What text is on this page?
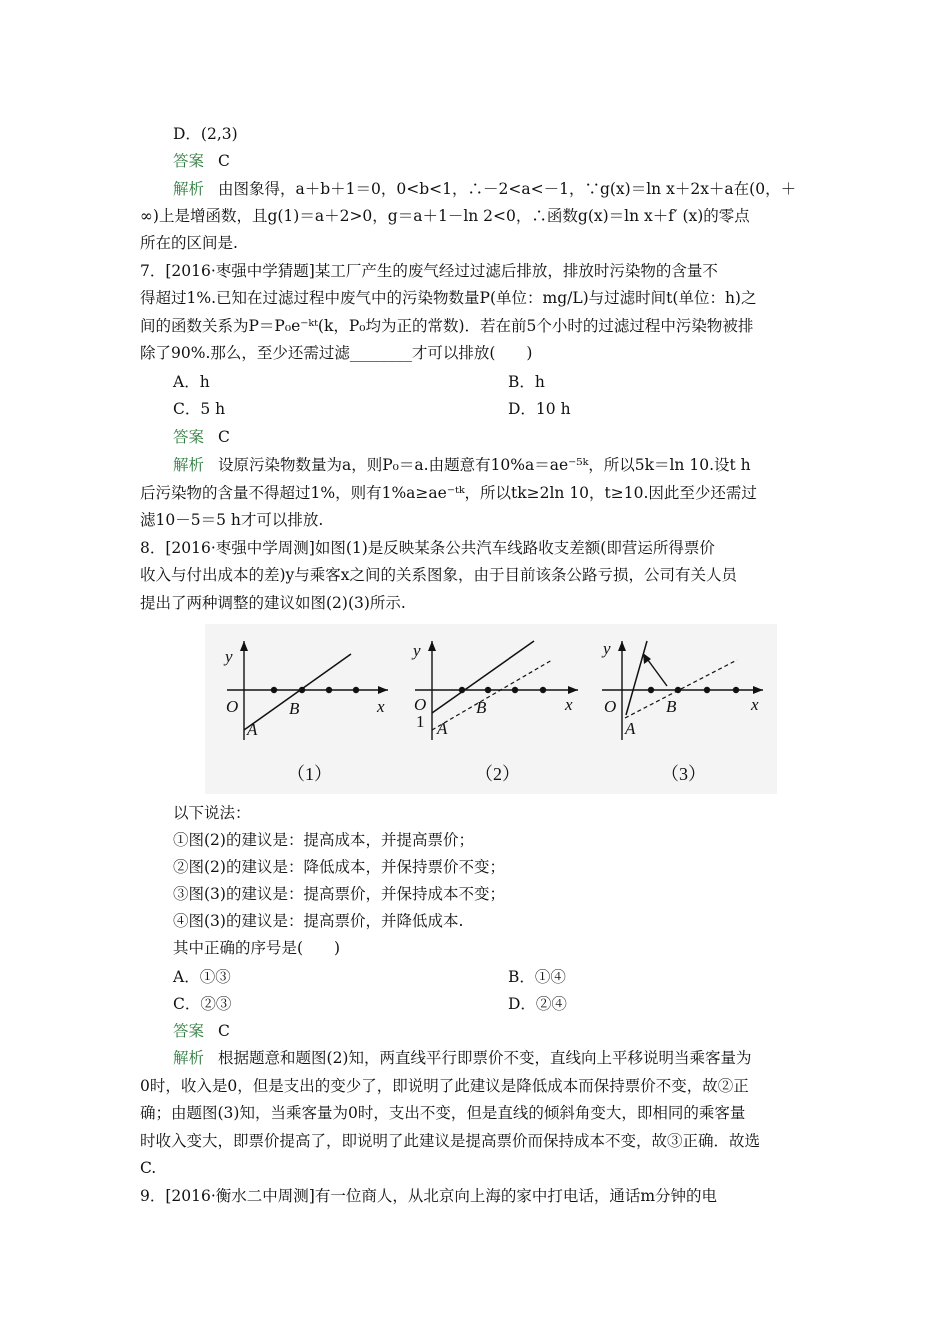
D．(2,3)
答案 C
解析 由图象得，a＋b＋1＝0，0<b<1，∴－2<a<－1，∵g(x)＝ln x＋2x＋a在(0，＋
∞)上是增函数，且g(1)＝a＋2>0，g＝a＋1－ln 2<0，∴函数g(x)＝ln x＋f′ (x)的零点
所在的区间是.
7．[2016·枣强中学猜题]某工厂产生的废气经过过滤后排放，排放时污染物的含量不
得超过1%.已知在过滤过程中废气中的污染物数量P(单位：mg/L)与过滤时间t(单位：h)之
间的函数关系为P＝P₀e⁻ᵏᵗ(k，P₀均为正的常数)．若在前5个小时的过滤过程中污染物被排
除了90%.那么，至少还需过滤________才可以排放(　　)
A．h	B．h
C．5 h	D．10 h
答案 C
解析 设原污染物数量为a，则P₀＝a.由题意有10%a＝ae⁻⁵ᵏ，所以5k＝ln 10.设t h
后污染物的含量不得超过1%，则有1%a≥ae⁻ᵗᵏ，所以tk≥2ln 10，t≥10.因此至少还需过
滤10－5＝5 h才可以排放.
8．[2016·枣强中学周测]如图(1)是反映某条公共汽车线路收支差额(即营运所得票价
收入与付出成本的差)y与乘客x之间的关系图象，由于目前该条公路亏损，公司有关人员
提出了两种调整的建议如图(2)(3)所示.
y
O
A
B	x
（1）
y
O
1 A
B	x
（2）
y
O
A
B	x
（3）
以下说法：
①图(2)的建议是：提高成本，并提高票价；
②图(2)的建议是：降低成本，并保持票价不变；
③图(3)的建议是：提高票价，并保持成本不变；
④图(3)的建议是：提高票价，并降低成本.
其中正确的序号是(　　)
A．①③	B．①④
C．②③	D．②④
答案 C
解析 根据题意和题图(2)知，两直线平行即票价不变，直线向上平移说明当乘客量为
0时，收入是0，但是支出的变少了，即说明了此建议是降低成本而保持票价不变，故②正
确；由题图(3)知，当乘客量为0时，支出不变，但是直线的倾斜角变大，即相同的乘客量
时收入变大，即票价提高了，即说明了此建议是提高票价而保持成本不变，故③正确．故选
C.
9．[2016·衡水二中周测]有一位商人，从北京向上海的家中打电话，通话m分钟的电
